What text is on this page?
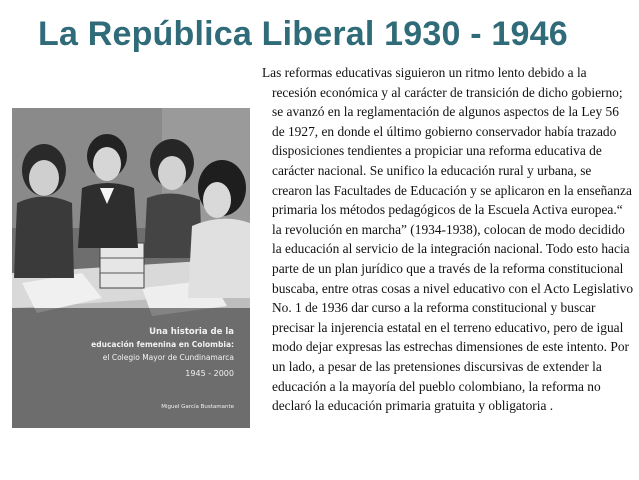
La República Liberal 1930 - 1946
Una historia de la
educación femenina en Colombia:
el Colegio Mayor de Cundinamarca
1945 - 2000
Miguel García Bustamante

Las reformas educativas siguieron un ritmo lento debido a la recesión económica y al carácter de transición de dicho gobierno; se avanzó en la reglamentación de algunos aspectos de la Ley 56 de 1927, en donde el último gobierno conservador había trazado disposiciones tendientes a propiciar una reforma educativa de carácter nacional. Se unifico la educación rural y urbana, se crearon las Facultades de Educación y se aplicaron en la enseñanza primaria los métodos pedagógicos de la Escuela Activa europea.“ la revolución en marcha” (1934-1938), colocan de modo decidido la educación al servicio de la integración nacional. Todo esto hacia parte de un plan jurídico que a través de la reforma constitucional buscaba, entre otras cosas a nivel educativo con el Acto Legislativo No. 1 de 1936 dar curso a la reforma constitucional y buscar precisar la injerencia estatal en el terreno educativo, pero de igual modo dejar expresas las estrechas dimensiones de este intento. Por un lado, a pesar de las pretensiones discursivas de extender la educación a la mayoría del pueblo colombiano, la reforma no declaró la educación primaria gratuita y obligatoria .
